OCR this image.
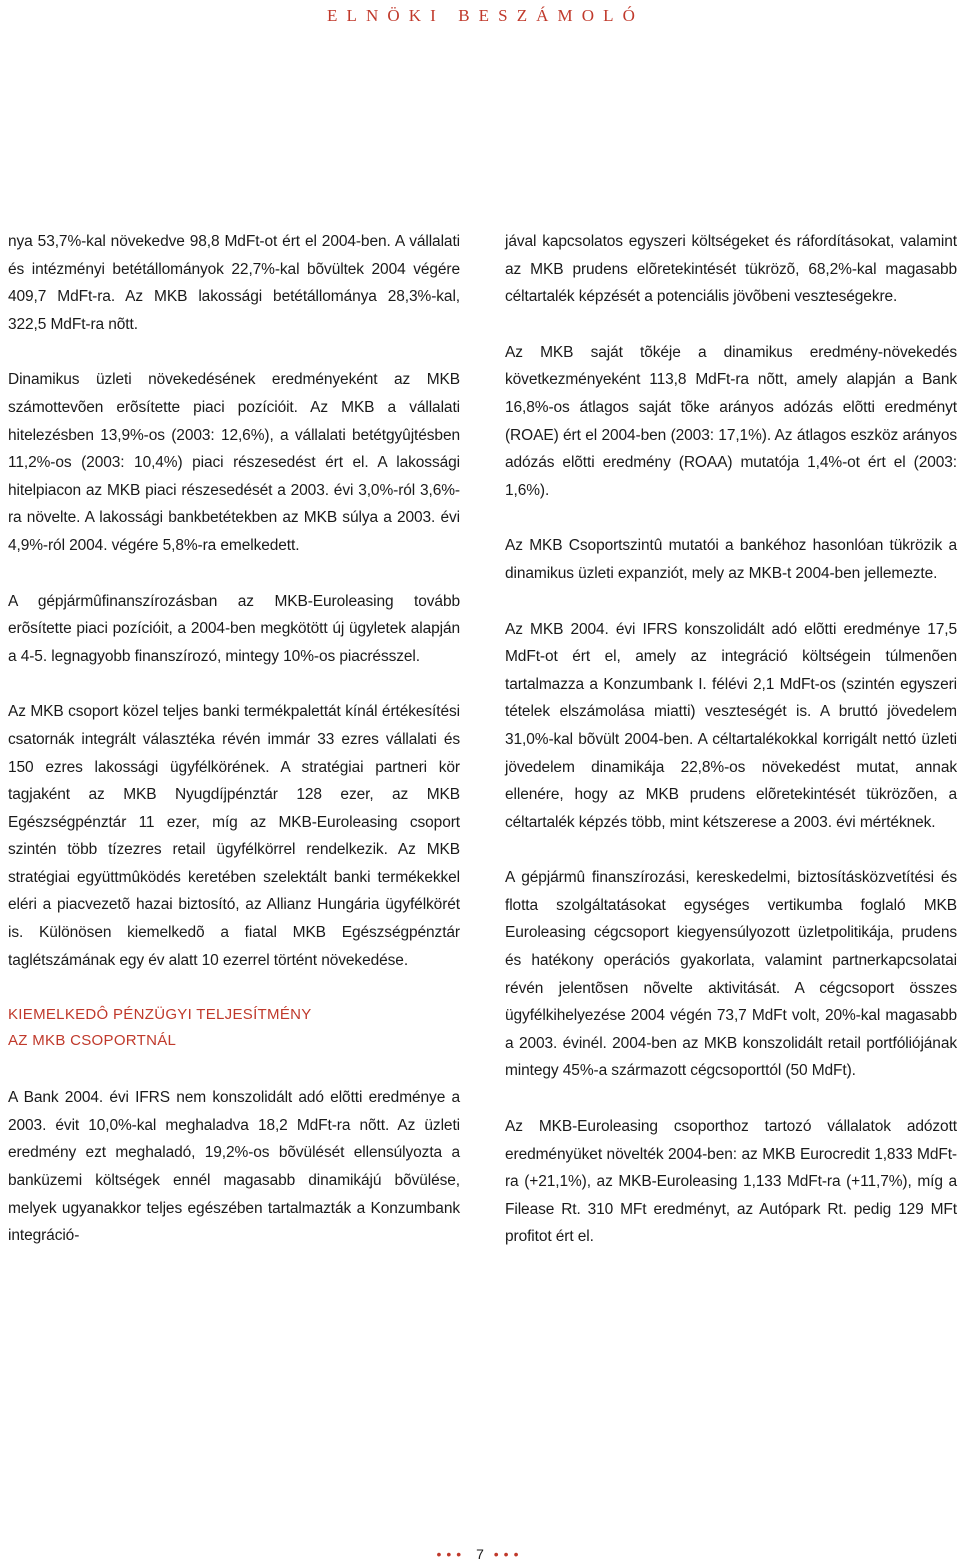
ELNÖKI BESZÁMOLÓ

nya 53,7%-kal növekedve 98,8 MdFt-ot ért el 2004-ben. A vállalati és intézményi betétállományok 22,7%-kal bõvültek 2004 végére 409,7 MdFt-ra. Az MKB lakossági betétállománya 28,3%-kal, 322,5 MdFt-ra nõtt.

Dinamikus üzleti növekedésének eredményeként az MKB számottevõen erõsítette piaci pozícióit. Az MKB a vállalati hitelezésben 13,9%-os (2003: 12,6%), a vállalati betétgyûjtésben 11,2%-os (2003: 10,4%) piaci részesedést ért el. A lakossági hitelpiacon az MKB piaci részesedését a 2003. évi 3,0%-ról 3,6%-ra növelte. A lakossági bankbetétekben az MKB súlya a 2003. évi 4,9%-ról 2004. végére 5,8%-ra emelkedett.

A gépjármûfinanszírozásban az MKB-Euroleasing tovább erõsítette piaci pozícióit, a 2004-ben megkötött új ügyletek alapján a 4-5. legnagyobb finanszírozó, mintegy 10%-os piacrésszel.

Az MKB csoport közel teljes banki termékpalettát kínál értékesítési csatornák integrált választéka révén immár 33 ezres vállalati és 150 ezres lakossági ügyfélkörének. A stratégiai partneri kör tagjaként az MKB Nyugdíjpénztár 128 ezer, az MKB Egészségpénztár 11 ezer, míg az MKB-Euroleasing csoport szintén több tízezres retail ügyfélkörrel rendelkezik. Az MKB stratégiai együttmûködés keretében szelektált banki termékekkel eléri a piacvezetõ hazai biztosító, az Allianz Hungária ügyfélkörét is. Különösen kiemelkedõ a fiatal MKB Egészségpénztár taglétszámának egy év alatt 10 ezerrel történt növekedése.

KIEMELKEDÔ PÉNZÜGYI TELJESÍTMÉNY
AZ MKB CSOPORTNÁL

A Bank 2004. évi IFRS nem konszolidált adó elõtti eredménye a 2003. évit 10,0%-kal meghaladva 18,2 MdFt-ra nõtt. Az üzleti eredmény ezt meghaladó, 19,2%-os bõvülését ellensúlyozta a banküzemi költségek ennél magasabb dinamikájú bõvülése, melyek ugyanakkor teljes egészében tartalmazták a Konzumbank integráció-

jával kapcsolatos egyszeri költségeket és ráfordításokat, valamint az MKB prudens elõretekintését tükrözõ, 68,2%-kal magasabb céltartalék képzését a potenciális jövõbeni veszteségekre.

Az MKB saját tõkéje a dinamikus eredmény-növekedés következményeként 113,8 MdFt-ra nõtt, amely alapján a Bank 16,8%-os átlagos saját tõke arányos adózás elõtti eredményt (ROAE) ért el 2004-ben (2003: 17,1%). Az átlagos eszköz arányos adózás elõtti eredmény (ROAA) mutatója 1,4%-ot ért el (2003: 1,6%).

Az MKB Csoportszintû mutatói a bankéhoz hasonlóan tükrözik a dinamikus üzleti expanziót, mely az MKB-t 2004-ben jellemezte.

Az MKB 2004. évi IFRS konszolidált adó elõtti eredménye 17,5 MdFt-ot ért el, amely az integráció költségein túlmenõen tartalmazza a Konzumbank I. félévi 2,1 MdFt-os (szintén egyszeri tételek elszámolása miatti) veszteségét is. A bruttó jövedelem 31,0%-kal bõvült 2004-ben. A céltartalékokkal korrigált nettó üzleti jövedelem dinamikája 22,8%-os növekedést mutat, annak ellenére, hogy az MKB prudens elõretekintését tükrözõen, a céltartalék képzés több, mint kétszerese a 2003. évi mértéknek.

A gépjármû finanszírozási, kereskedelmi, biztosításközvetítési és flotta szolgáltatásokat egységes vertikumba foglaló MKB Euroleasing cégcsoport kiegyensúlyozott üzletpolitikája, prudens és hatékony operációs gyakorlata, valamint partnerkapcsolatai révén jelentõsen nõvelte aktivitását. A cégcsoport összes ügyfélkihelyezése 2004 végén 73,7 MdFt volt, 20%-kal magasabb a 2003. évinél. 2004-ben az MKB konszolidált retail portfóliójának mintegy 45%-a származott cégcsoporttól (50 MdFt).

Az MKB-Euroleasing csoporthoz tartozó vállalatok adózott eredményüket növelték 2004-ben: az MKB Eurocredit 1,833 MdFt-ra (+21,1%), az MKB-Euroleasing 1,133 MdFt-ra (+11,7%), míg a Filease Rt. 310 MFt eredményt, az Autópark Rt. pedig 129 MFt profitot ért el.

••• 7 •••
